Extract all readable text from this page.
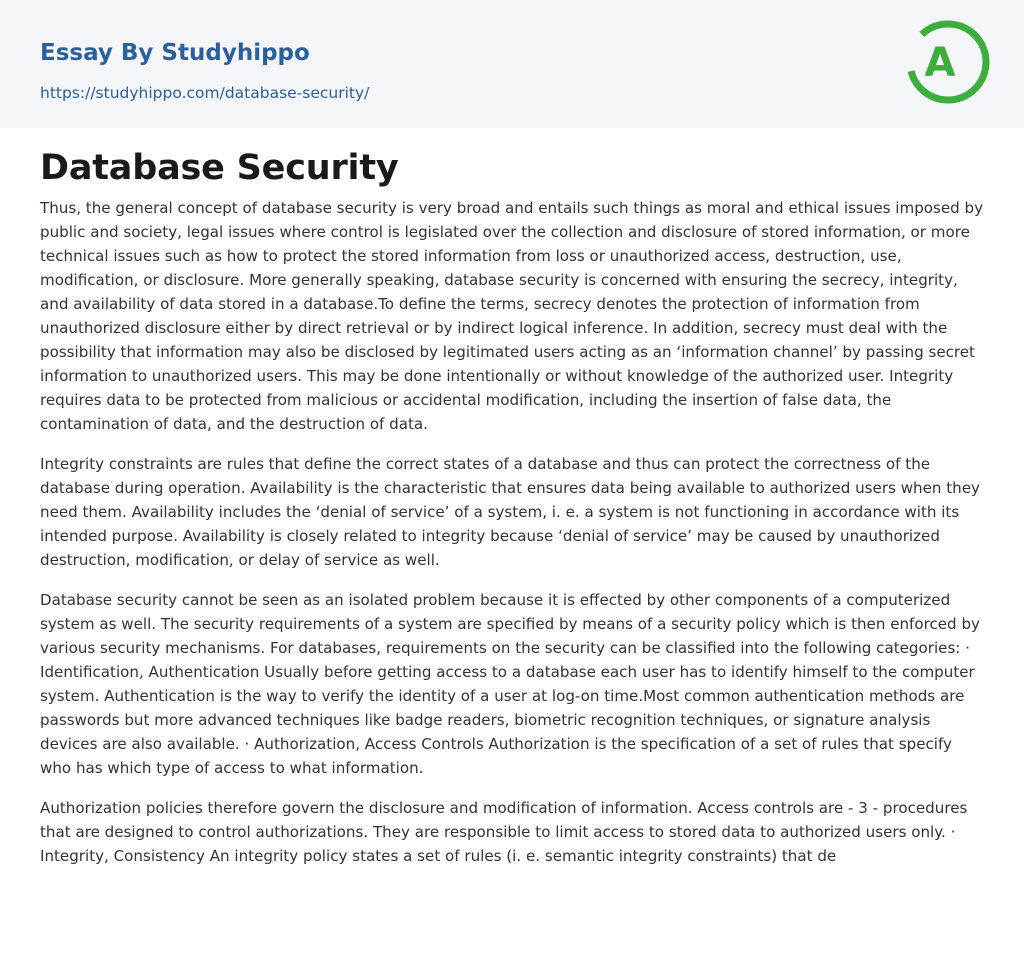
Essay By Studyhippo
https://studyhippo.com/database-security/
A
Database Security

Thus, the general concept of database security is very broad and entails such things as moral and ethical issues imposed by public and society, legal issues where control is legislated over the collection and disclosure of stored information, or more technical issues such as how to protect the stored information from loss or unauthorized access, destruction, use, modification, or disclosure. More generally speaking, database security is concerned with ensuring the secrecy, integrity, and availability of data stored in a database.To define the terms, secrecy denotes the protection of information from unauthorized disclosure either by direct retrieval or by indirect logical inference. In addition, secrecy must deal with the possibility that information may also be disclosed by legitimated users acting as an ‘information channel’ by passing secret information to unauthorized users. This may be done intentionally or without knowledge of the authorized user. Integrity requires data to be protected from malicious or accidental modification, including the insertion of false data, the contamination of data, and the destruction of data.

Integrity constraints are rules that define the correct states of a database and thus can protect the correctness of the database during operation. Availability is the characteristic that ensures data being available to authorized users when they need them. Availability includes the ‘denial of service’ of a system, i. e. a system is not functioning in accordance with its intended purpose. Availability is closely related to integrity because ‘denial of service’ may be caused by unauthorized destruction, modification, or delay of service as well.

Database security cannot be seen as an isolated problem because it is effected by other components of a computerized system as well. The security requirements of a system are specified by means of a security policy which is then enforced by various security mechanisms. For databases, requirements on the security can be classified into the following categories: · Identification, Authentication Usually before getting access to a database each user has to identify himself to the computer system. Authentication is the way to verify the identity of a user at log-on time.Most common authentication methods are passwords but more advanced techniques like badge readers, biometric recognition techniques, or signature analysis devices are also available. · Authorization, Access Controls Authorization is the specification of a set of rules that specify who has which type of access to what information.

Authorization policies therefore govern the disclosure and modification of information. Access controls are - 3 - procedures that are designed to control authorizations. They are responsible to limit access to stored data to authorized users only. · Integrity, Consistency An integrity policy states a set of rules (i. e. semantic integrity constraints) that de
